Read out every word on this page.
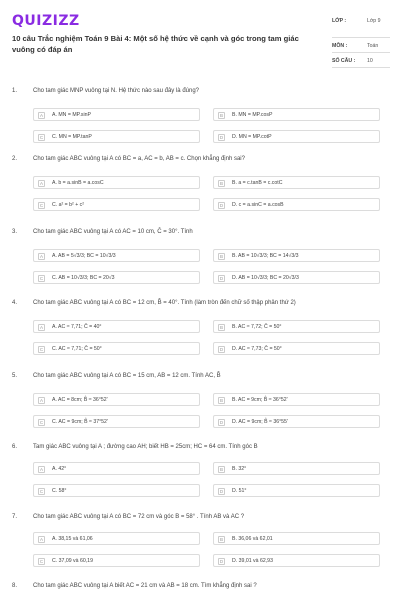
QUIZIZZ
10 câu Trắc nghiệm Toán 9 Bài 4: Một số hệ thức về cạnh và góc trong tam giác vuông có đáp án
LỚP :	Lớp 9
MÔN :	Toán
SỐ CÂU : 10
1.	Cho tam giác MNP vuông tại N. Hệ thức nào sau đây là đúng?
A	A. MN = MP.sinP	B	B. MN = MP.cosP
C	C. MN = MP.tanP	D	D. MN = MP.cotP
2.	Cho tam giác ABC vuông tại A có BC = a, AC = b, AB = c. Chọn khẳng định sai?
A	A. b = a.sinB = a.cosC	B	B. a = c.tanB = c.cotC
C	C. a² = b² + c²	D	D. c = a.sinC = a.cosB
3.	Cho tam giác ABC vuông tại A có AC = 10 cm, Ĉ = 30°. Tính
A	A. AB = 5√3/3; BC = 10√3/3	B	B. AB = 10√3/3; BC = 14√3/3
C	C. AB = 10√3/3; BC = 20√3	D	D. AB = 10√3/3; BC = 20√3/3
4.	Cho tam giác ABC vuông tại A có BC = 12 cm, B̂ = 40°. Tính (làm tròn đến chữ số thập phân thứ 2)
A	A. AC ≈ 7,71; Ĉ = 40°	B	B. AC ≈ 7,72; Ĉ = 50°
C	C. AC ≈ 7,71; Ĉ = 50°	D	D. AC ≈ 7,73; Ĉ = 50°
5.	Cho tam giác ABC vuông tại A có BC = 15 cm, AB = 12 cm. Tính AC, B̂
A	A. AC = 8cm; B̂ ≈ 36°52'	B	B. AC = 9cm; B̂ ≈ 36°52'
C	C. AC = 9cm; B̂ ≈ 37°52'	D	D. AC = 9cm; B̂ ≈ 36°55'
6.	Tam giác ABC vuông tại A ; đường cao AH; biết HB = 25cm; HC = 64 cm. Tính góc B
A	A. 42°	B	B. 32°
C	C. 58°	D	D. 51°
7.	Cho tam giác ABC vuông tại A có BC = 72 cm và góc B = 58° . Tính AB và AC ?
A	A. 38,15 và 61,06	B	B. 36,06 và 62,01
C	C. 37,09 và 60,19	D	D. 39,01 và 62,93
8.	Cho tam giác ABC vuông tại A biết AC = 21 cm và AB = 18 cm. Tìm khẳng định sai ?
